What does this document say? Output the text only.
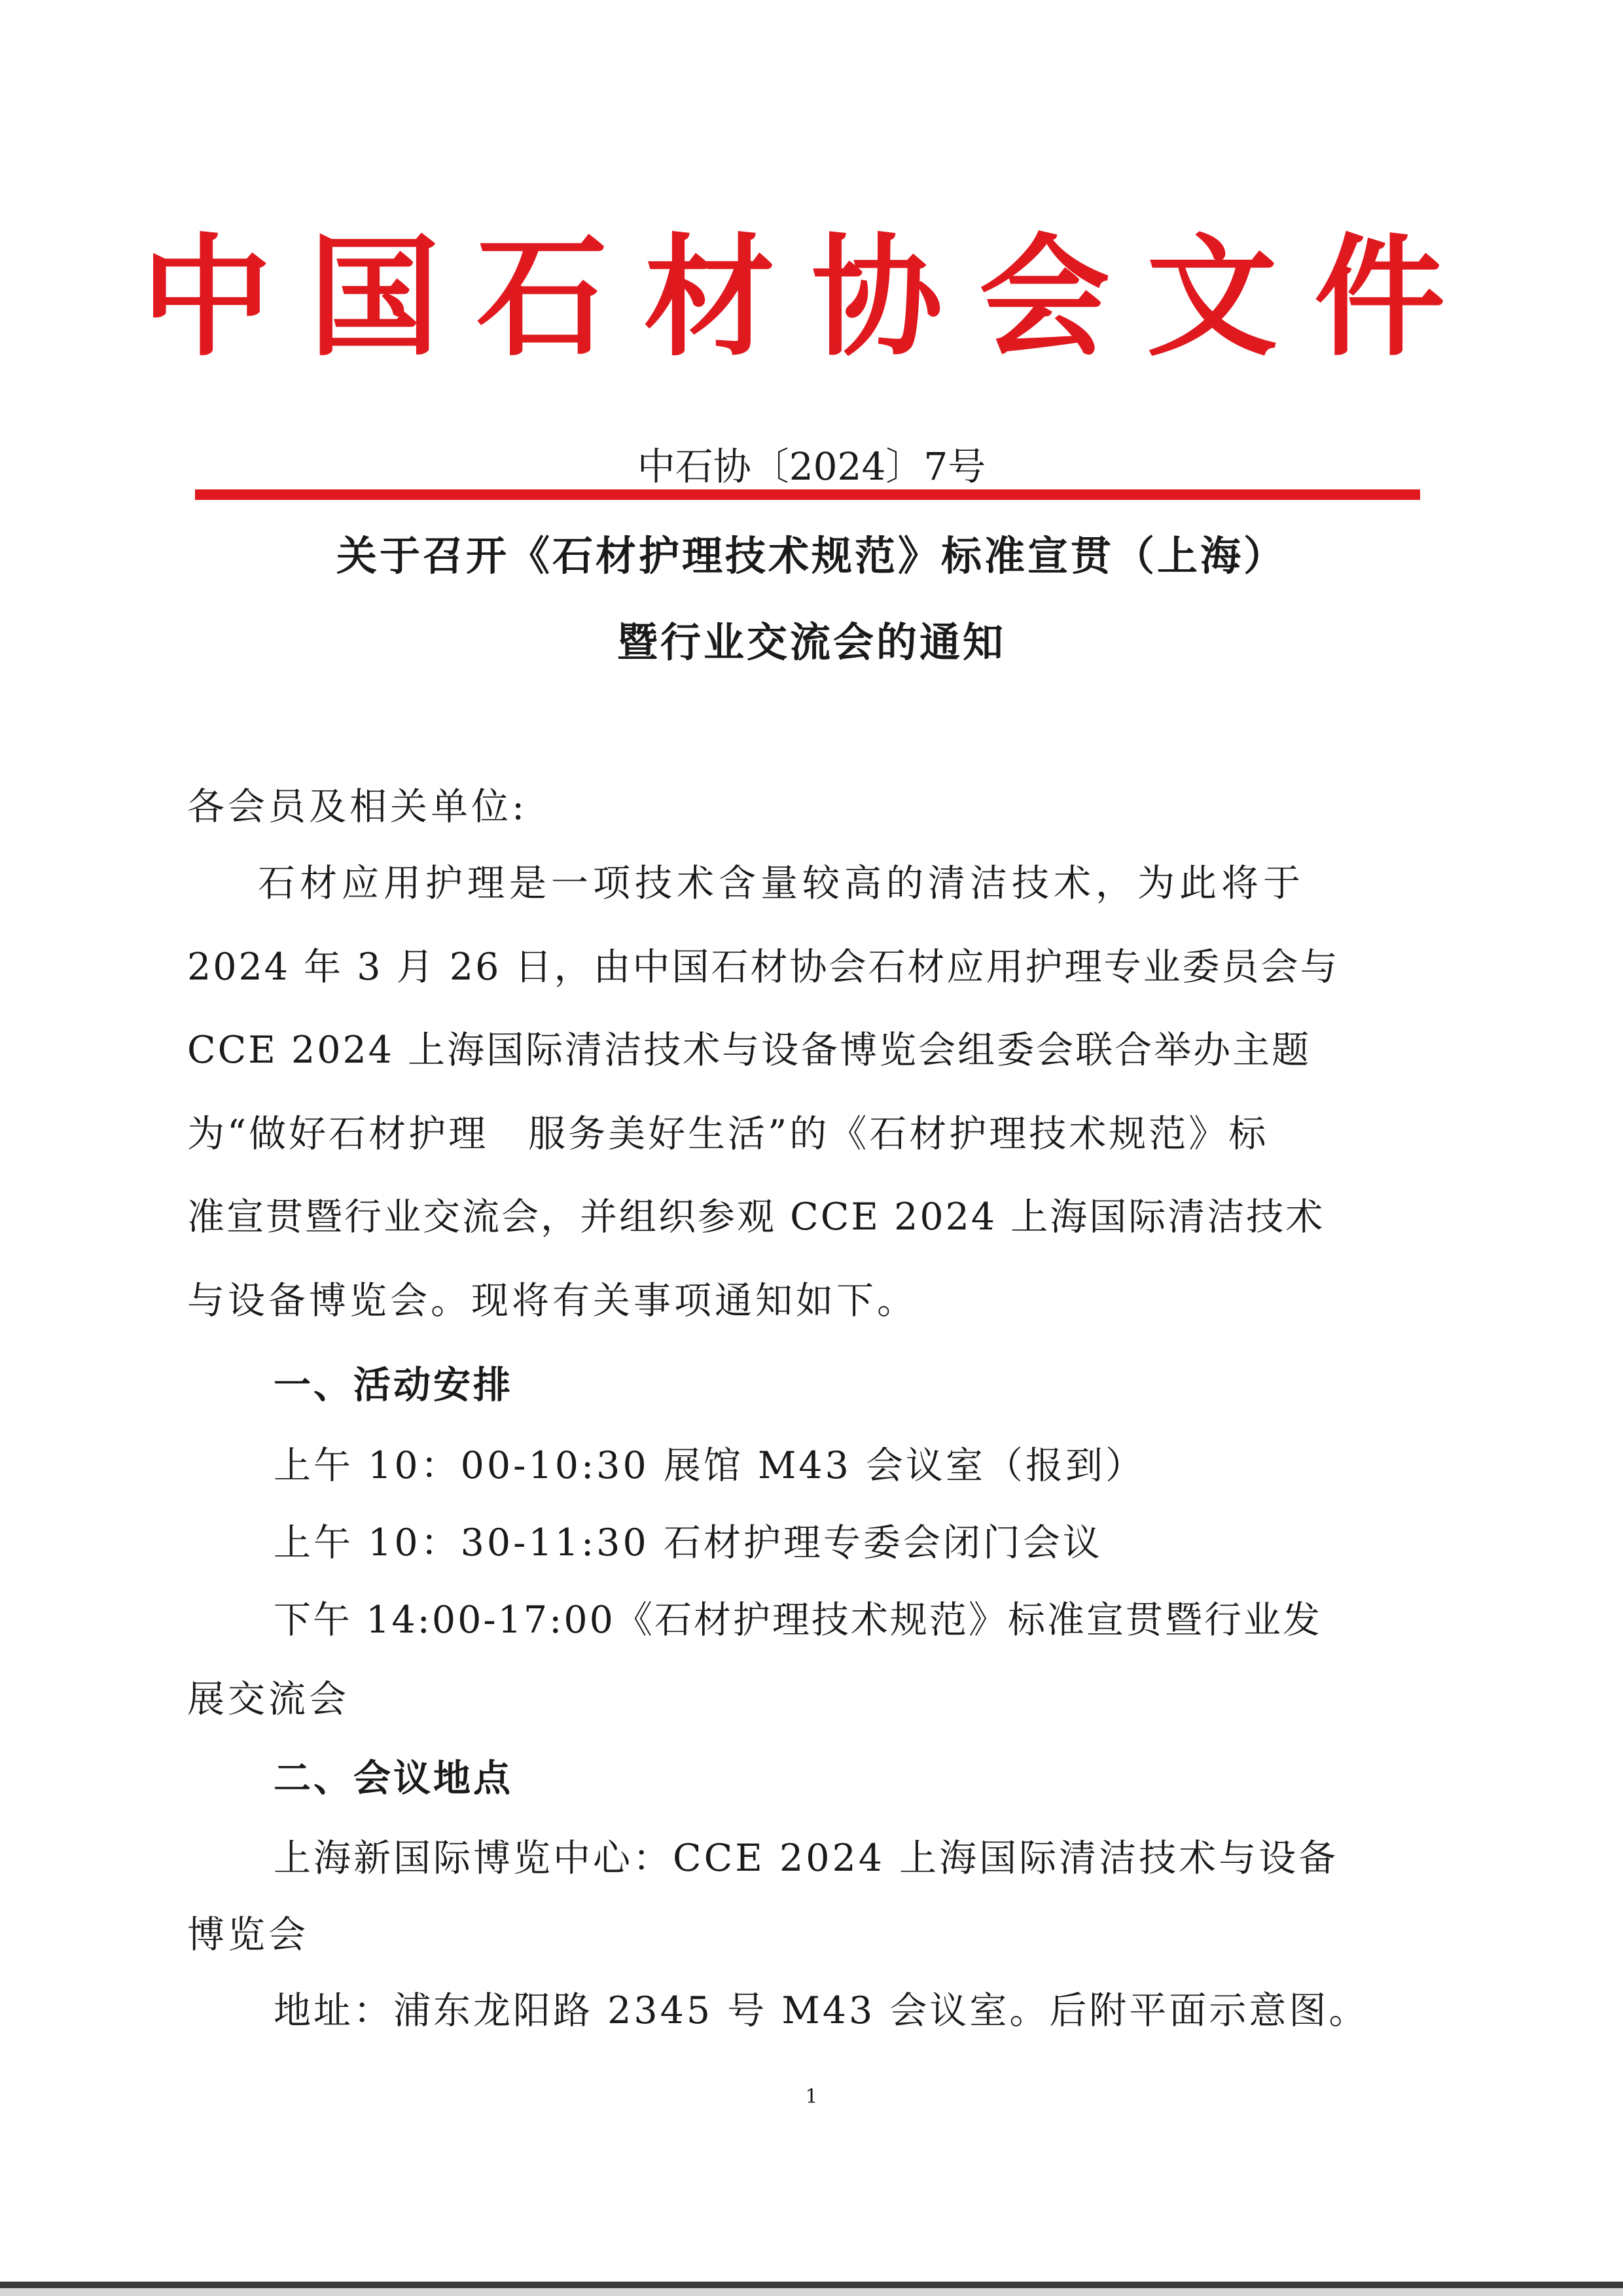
中国石材协会文件
中石协〔2024〕7号
关于召开《石材护理技术规范》标准宣贯（上海）
暨行业交流会的通知
各会员及相关单位:
石材应用护理是一项技术含量较高的清洁技术，为此将于
2024 年 3 月 26 日，由中国石材协会石材应用护理专业委员会与
CCE 2024 上海国际清洁技术与设备博览会组委会联合举办主题
为“做好石材护理　服务美好生活”的《石材护理技术规范》标
准宣贯暨行业交流会，并组织参观 CCE 2024 上海国际清洁技术
与设备博览会。现将有关事项通知如下。
一、活动安排
上午 10：00-10:30 展馆 M43 会议室（报到）
上午 10：30-11:30 石材护理专委会闭门会议
下午 14:00-17:00《石材护理技术规范》标准宣贯暨行业发
展交流会
二、会议地点
上海新国际博览中心：CCE 2024 上海国际清洁技术与设备
博览会
地址：浦东龙阳路 2345 号 M43 会议室。后附平面示意图。
1
